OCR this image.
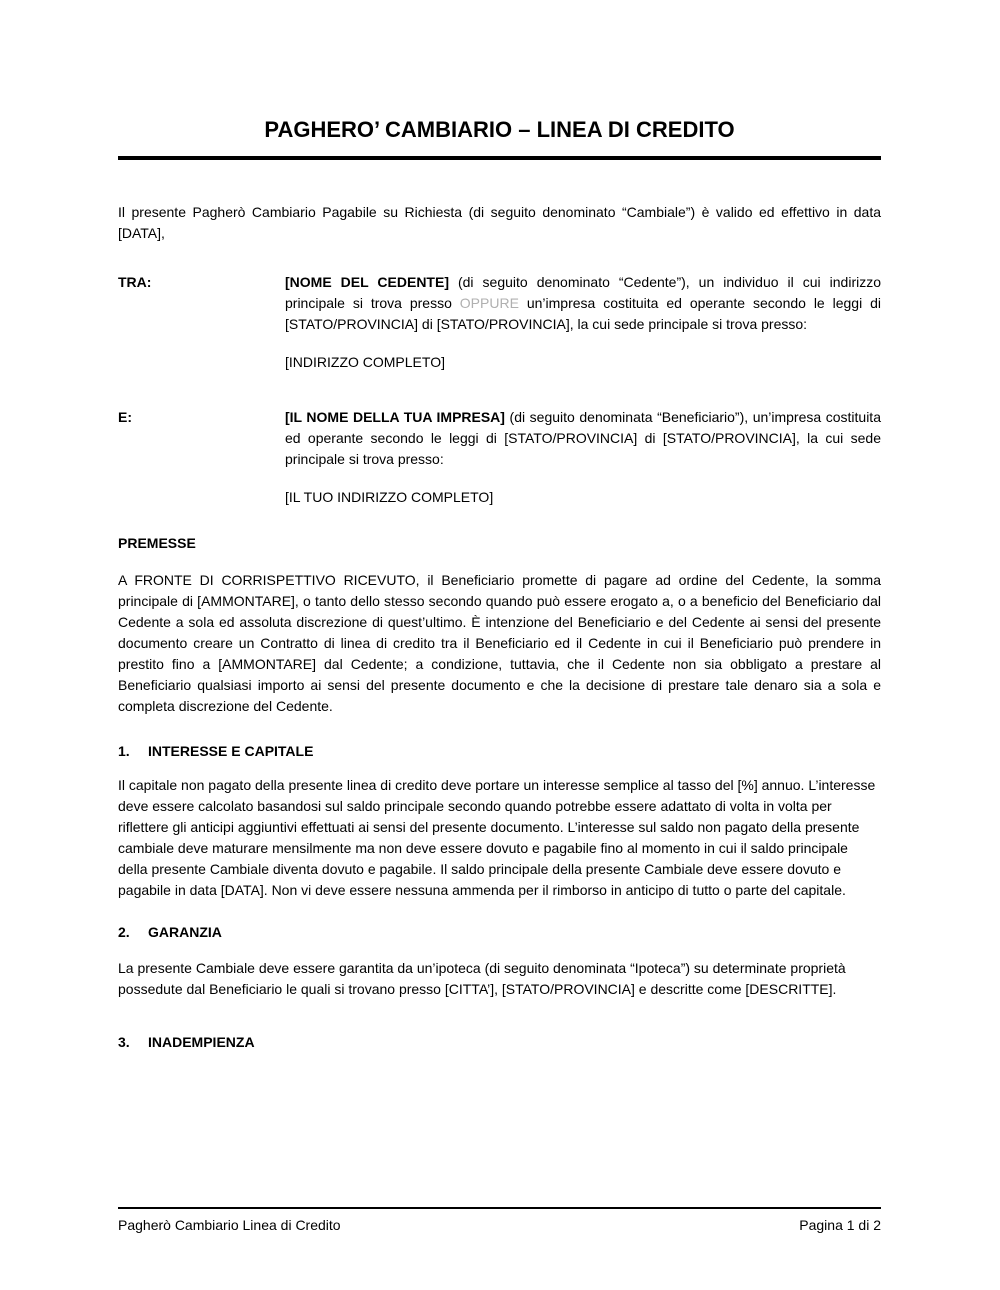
PAGHERO’ CAMBIARIO – LINEA DI CREDITO

Il presente Pagherò Cambiario Pagabile su Richiesta (di seguito denominato “Cambiale”) è valido ed effettivo in data [DATA],

TRA:	[NOME DEL CEDENTE] (di seguito denominato “Cedente”), un individuo il cui indirizzo principale si trova presso OPPURE un’impresa costituita ed operante secondo le leggi di [STATO/PROVINCIA] di [STATO/PROVINCIA], la cui sede principale si trova presso:

[INDIRIZZO COMPLETO]

E:	[IL NOME DELLA TUA IMPRESA] (di seguito denominata “Beneficiario”), un’impresa costituita ed operante secondo le leggi di [STATO/PROVINCIA] di [STATO/PROVINCIA], la cui sede principale si trova presso:

[IL TUO INDIRIZZO COMPLETO]

PREMESSE

A FRONTE DI CORRISPETTIVO RICEVUTO, il Beneficiario promette di pagare ad ordine del Cedente, la somma principale di [AMMONTARE], o tanto dello stesso secondo quando può essere erogato a, o a beneficio del Beneficiario dal Cedente a sola ed assoluta discrezione di quest’ultimo. È intenzione del Beneficiario e del Cedente ai sensi del presente documento creare un Contratto di linea di credito tra il Beneficiario ed il Cedente in cui il Beneficiario può prendere in prestito fino a [AMMONTARE] dal Cedente; a condizione, tuttavia, che il Cedente non sia obbligato a prestare al Beneficiario qualsiasi importo ai sensi del presente documento e che la decisione di prestare tale denaro sia a sola e completa discrezione del Cedente.

1.	INTERESSE E CAPITALE

Il capitale non pagato della presente linea di credito deve portare un interesse semplice al tasso del [%] annuo. L’interesse deve essere calcolato basandosi sul saldo principale secondo quando potrebbe essere adattato di volta in volta per riflettere gli anticipi aggiuntivi effettuati ai sensi del presente documento. L’interesse sul saldo non pagato della presente cambiale deve maturare mensilmente ma non deve essere dovuto e pagabile fino al momento in cui il saldo principale della presente Cambiale diventa dovuto e pagabile. Il saldo principale della presente Cambiale deve essere dovuto e pagabile in data [DATA]. Non vi deve essere nessuna ammenda per il rimborso in anticipo di tutto o parte del capitale.

2.	GARANZIA

La presente Cambiale deve essere garantita da un’ipoteca (di seguito denominata “Ipoteca”) su determinate proprietà possedute dal Beneficiario le quali si trovano presso [CITTA’], [STATO/PROVINCIA] e descritte come [DESCRITTE].

3.	INADEMPIENZA
Pagherò Cambiario Linea di Credito	Pagina 1 di 2
